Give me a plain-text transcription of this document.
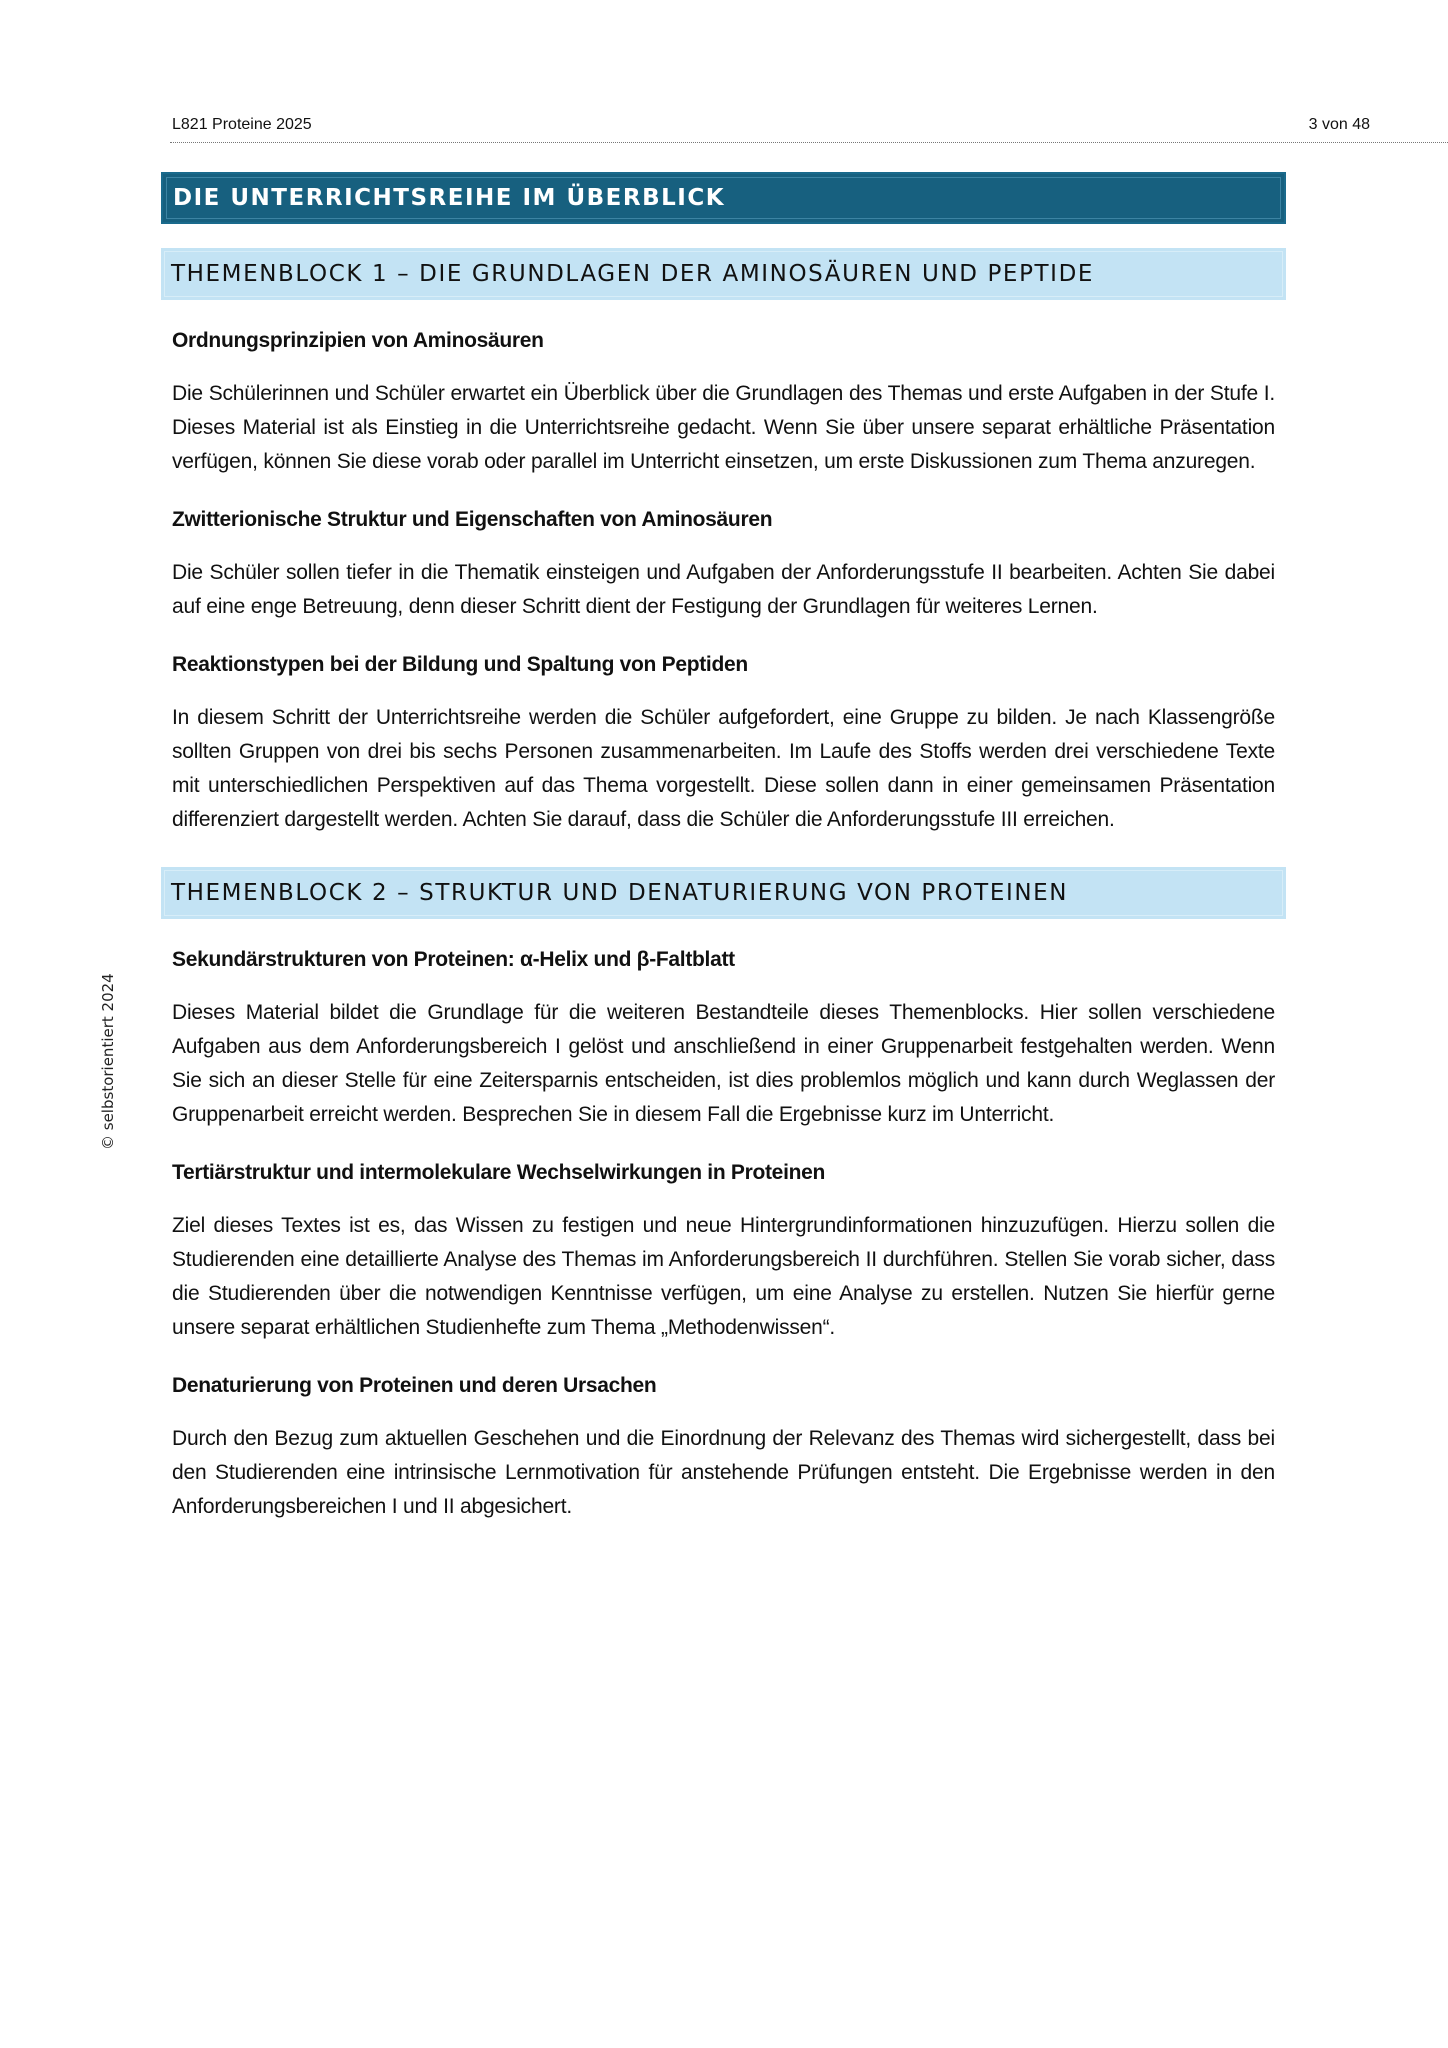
L821 Proteine 2025	3 von 48
© selbstorientiert 2024
DIE UNTERRICHTSREIHE IM ÜBERBLICK
THEMENBLOCK 1 – DIE GRUNDLAGEN DER AMINOSÄUREN UND PEPTIDE

Ordnungsprinzipien von Aminosäuren

Die Schülerinnen und Schüler erwartet ein Überblick über die Grundlagen des Themas und erste Aufgaben in der Stufe I. Dieses Material ist als Einstieg in die Unterrichtsreihe gedacht. Wenn Sie über unsere separat erhältliche Präsentation verfügen, können Sie diese vorab oder parallel im Unterricht einsetzen, um erste Diskussionen zum Thema anzuregen.

Zwitterionische Struktur und Eigenschaften von Aminosäuren

Die Schüler sollen tiefer in die Thematik einsteigen und Aufgaben der Anforderungsstufe II bearbeiten. Achten Sie dabei auf eine enge Betreuung, denn dieser Schritt dient der Festigung der Grundlagen für weiteres Lernen.

Reaktionstypen bei der Bildung und Spaltung von Peptiden

In diesem Schritt der Unterrichtsreihe werden die Schüler aufgefordert, eine Gruppe zu bilden. Je nach Klassengröße sollten Gruppen von drei bis sechs Personen zusammenarbeiten. Im Laufe des Stoffs werden drei verschiedene Texte mit unterschiedlichen Perspektiven auf das Thema vorgestellt. Diese sollen dann in einer gemeinsamen Präsentation differenziert dargestellt werden. Achten Sie darauf, dass die Schüler die Anforderungsstufe III erreichen.

THEMENBLOCK 2 – STRUKTUR UND DENATURIERUNG VON PROTEINEN

Sekundärstrukturen von Proteinen: α-Helix und β-Faltblatt

Dieses Material bildet die Grundlage für die weiteren Bestandteile dieses Themenblocks. Hier sollen verschiedene Aufgaben aus dem Anforderungsbereich I gelöst und anschließend in einer Gruppenarbeit festgehalten werden. Wenn Sie sich an dieser Stelle für eine Zeitersparnis entscheiden, ist dies problemlos möglich und kann durch Weglassen der Gruppenarbeit erreicht werden. Besprechen Sie in diesem Fall die Ergebnisse kurz im Unterricht.

Tertiärstruktur und intermolekulare Wechselwirkungen in Proteinen

Ziel dieses Textes ist es, das Wissen zu festigen und neue Hintergrundinformationen hinzuzufügen. Hierzu sollen die Studierenden eine detaillierte Analyse des Themas im Anforderungsbereich II durchführen. Stellen Sie vorab sicher, dass die Studierenden über die notwendigen Kenntnisse verfügen, um eine Analyse zu erstellen. Nutzen Sie hierfür gerne unsere separat erhältlichen Studienhefte zum Thema „Methodenwissen“.

Denaturierung von Proteinen und deren Ursachen

Durch den Bezug zum aktuellen Geschehen und die Einordnung der Relevanz des Themas wird sichergestellt, dass bei den Studierenden eine intrinsische Lernmotivation für anstehende Prüfungen entsteht. Die Ergebnisse werden in den Anforderungsbereichen I und II abgesichert.
